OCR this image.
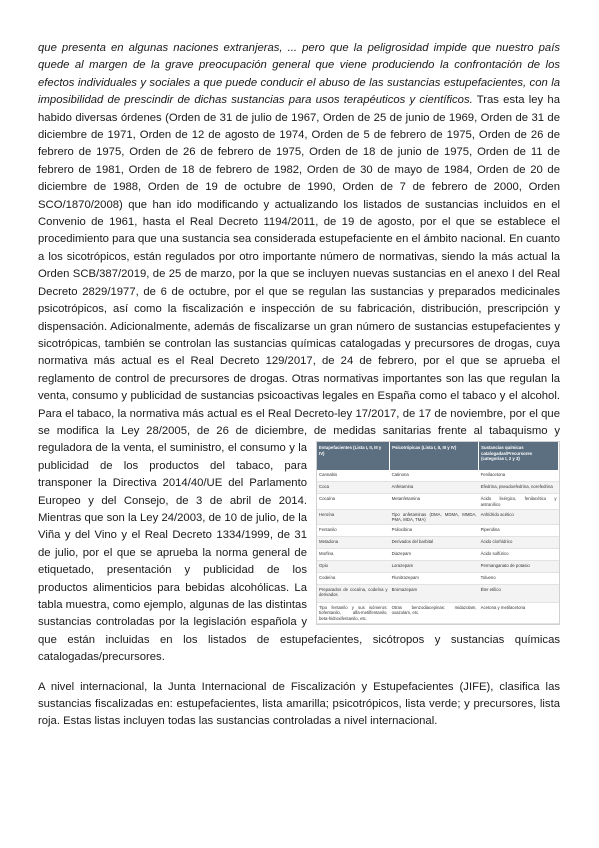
que presenta en algunas naciones extranjeras, ... pero que la peligrosidad impide que nuestro país quede al margen de la grave preocupación general que viene produciendo la confrontación de los efectos individuales y sociales a que puede conducir el abuso de las sustancias estupefacientes, con la imposibilidad de prescindir de dichas sustancias para usos terapéuticos y científicos. Tras esta ley ha habido diversas órdenes (Orden de 31 de julio de 1967, Orden de 25 de junio de 1969, Orden de 31 de diciembre de 1971, Orden de 12 de agosto de 1974, Orden de 5 de febrero de 1975, Orden de 26 de febrero de 1975, Orden de 26 de febrero de 1975, Orden de 18 de junio de 1975, Orden de 11 de febrero de 1981, Orden de 18 de febrero de 1982, Orden de 30 de mayo de 1984, Orden de 20 de diciembre de 1988, Orden de 19 de octubre de 1990, Orden de 7 de febrero de 2000, Orden SCO/1870/2008) que han ido modificando y actualizando los listados de sustancias incluidos en el Convenio de 1961, hasta el Real Decreto 1194/2011, de 19 de agosto, por el que se establece el procedimiento para que una sustancia sea considerada estupefaciente en el ámbito nacional. En cuanto a los sicotrópicos, están regulados por otro importante número de normativas, siendo la más actual la Orden SCB/387/2019, de 25 de marzo, por la que se incluyen nuevas sustancias en el anexo I del Real Decreto 2829/1977, de 6 de octubre, por el que se regulan las sustancias y preparados medicinales psicotrópicos, así como la fiscalización e inspección de su fabricación, distribución, prescripción y dispensación. Adicionalmente, además de fiscalizarse un gran número de sustancias estupefacientes y sicotrópicas, también se controlan las sustancias químicas catalogadas y precursores de drogas, cuya normativa más actual es el Real Decreto 129/2017, de 24 de febrero, por el que se aprueba el reglamento de control de precursores de drogas. Otras normativas importantes son las que regulan la venta, consumo y publicidad de sustancias psicoactivas legales en España como el tabaco y el alcohol. Para el tabaco, la normativa más actual es el Real Decreto-ley 17/2017, de 17 de noviembre, por el que se modifica la Ley 28/2005, de 26 de diciembre, de medidas sanitarias frente al tabaquismo y reguladora de la venta,	Estupefacientes (Lista I, II, III y IV)	Psicotrópicas (Lista I, II, III y IV)	Sustancias químicas catalogadas/Precursores (categorías I, 2 y 3)
Cannabis	Catinona	Fenilacetona
Coca	Anfetamina	Efedrina, pseudoefedrina, norefedrina
Cocaína	Metanfetamina	Ácido lisérgico, fenilacético y antranílico
Heroína	Tipo anfetaminas (DMA, MDMA, MMDA, PMA, MDA, TMA)	Anhídrido acético
Fentanilo	Psilocibina	Piperidina
Metadona	Derivados del barbital	Ácido clorhídrico
Morfina	Diazepam	Ácido sulfúrico
Opio	Lorazepam	Permanganato de potasio
Codeína	Flunitrazepam	Tolueno
Preparados de cocaína, codeína y derivados	Bromazepam	Éter etílico
Tipo fentanilo y sus isómeros: tiofentanilo, alfa-metilfentanilo, beta-hidroxifentanilo, etc.	Otras benzodiacepinas: midazolam, oxazolam, etc.	Acetona y metilacetona
el suministro, el consumo y la publicidad de los productos del tabaco, para transponer la Directiva 2014/40/UE del Parlamento Europeo y del Consejo, de 3 de abril de 2014. Mientras que son la Ley 24/2003, de 10 de julio, de la Viña y del Vino y el Real Decreto 1334/1999, de 31 de julio, por el que se aprueba la norma general de etiquetado, presentación y publicidad de los productos alimenticios para bebidas alcohólicas. La tabla muestra, como ejemplo, algunas de las distintas sustancias controladas por la legislación española y que están incluidas en los listados de estupefacientes, sicótropos y sustancias químicas catalogadas/precursores.

A nivel internacional, la Junta Internacional de Fiscalización y Estupefacientes (JIFE), clasifica las sustancias fiscalizadas en: estupefacientes, lista amarilla; psicotrópicos, lista verde; y precursores, lista roja. Estas listas incluyen todas las sustancias controladas a nivel internacional.
